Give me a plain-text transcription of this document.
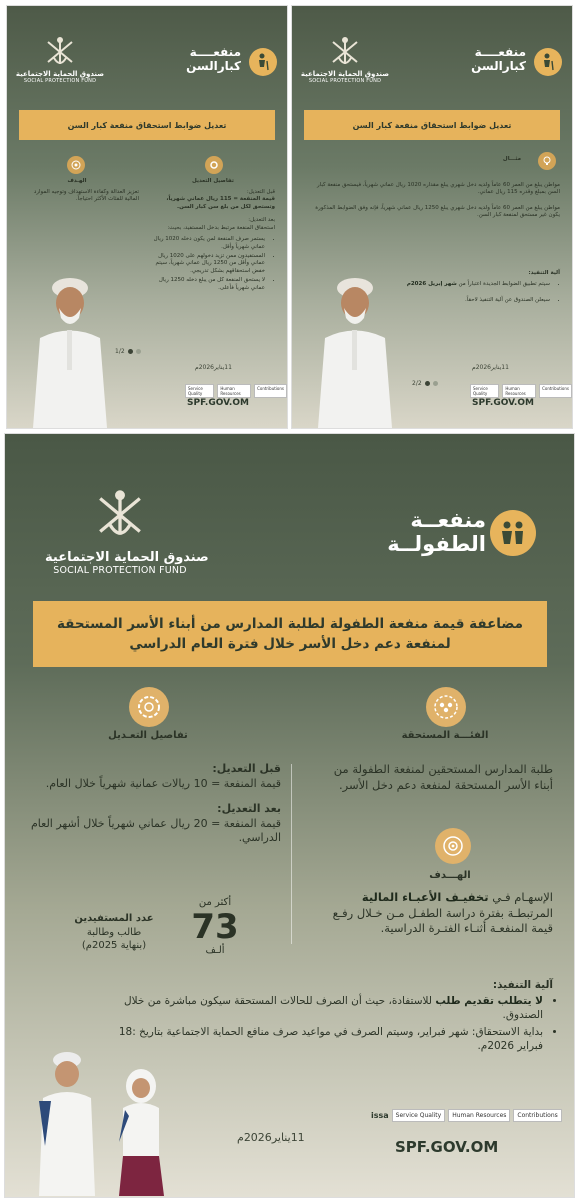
صندوق الحماية الاجتماعية
SOCIAL PROTECTION FUND
منفعــــة
كبارالسن
تعديل ضوابط استحقاق منفعة كبار السن
الهـدف
تعزيز العدالة وكفاءة الاستهداف وتوجيه الموارد المالية للفئات الأكثر احتياجاً.
تفاصيل التعديل
قبل التعديل:
قيمة المنفعة = 115 ريال عماني شهرياً، وتستحق لكل من بلغ سن كبار السن.
بعد التعديل:
استحقاق المنفعة مرتبط بدخل المستفيد، بحيث:
• يستمر صرف المنفعة لمن يكون دخله 1020 ريال عماني شهرياً وأقل.
• المستفيدون ممن تزيد دخولهم على 1020 ريال عماني وأقل من 1250 ريال عماني شهرياً، سيتم خفض استحقاقهم بشكل تدريجي.
• لا يستحق المنفعة كل من يبلغ دخله 1250 ريال عماني شهرياً فأعلى.
1/2
11يناير2026م
Service Quality
Human Resources
Contributions
SPF.GOV.OM
صندوق الحماية الاجتماعية
SOCIAL PROTECTION FUND
منفعــــة
كبارالسن
تعديل ضوابط استحقاق منفعة كبار السن
مثـــال
مواطن يبلغ من العمر 60 عاماً ولديه دخل شهري يبلغ مقداره 1020 ريال عماني شهرياً، فيستحق منفعة كبار السن بمبلغ وقدره 115 ريال عماني.
مواطن يبلغ من العمر 60 عاماً ولديه دخل شهري يبلغ 1250 ريال عماني شهرياً، فإنه وفق الضوابط المذكورة يكون غير مستحق لمنفعة كبار السن.
آلية التنفيذ:
• سيتم تطبيق الضوابط الجديدة اعتباراً من شهر إبريل 2026م
• سيعلن الصندوق عن آلية التنفيذ لاحقاً.
2/2
11يناير2026م
Service Quality
Human Resources
Contributions
SPF.GOV.OM
صندوق الحماية الاجتماعية
SOCIAL PROTECTION FUND
منفعــة
الطفولــة
مضاعفة قيمة منفعة الطفولة لطلبة المدارس من أبناء الأسر المستحقة لمنفعة دعم دخل الأسر خلال فترة العام الدراسي
الفئـــة المستحقة
طلبة المدارس المستحقين لمنفعة الطفولة من أبناء الأسر المستحقة لمنفعة دعم دخل الأسر.
الهـــدف
الإسهـام فـي تخفيـف الأعبـاء المالية المرتبطـة بفترة دراسة الطفـل مـن خـلال رفـع قيمة المنفعـة أثنـاء الفتـرة الدراسية.
تفاصيل التعـديل
قبل التعديل:
قيمة المنفعة = 10 ريالات عمانية شهرياً خلال العام.
بعد التعديل:
قيمة المنفعة = 20 ريال عماني شهرياً خلال أشهر العام الدراسي.
أكثر من
73
ألـف
عدد المستفيدين
طالب وطالبة
(بنهاية 2025م)
آلية التنفيذ:
• لا يتطلب تقديم طلب للاستفادة، حيث أن الصرف للحالات المستحقة سيكون مباشرة من خلال الصندوق.
• بداية الاستحقاق: شهر فبراير، وسيتم الصرف في مواعيد صرف منافع الحماية الاجتماعية بتاريخ :18 فبراير 2026م.
11يناير2026م
issa	Service Quality	Human Resources	Contributions
SPF.GOV.OM
